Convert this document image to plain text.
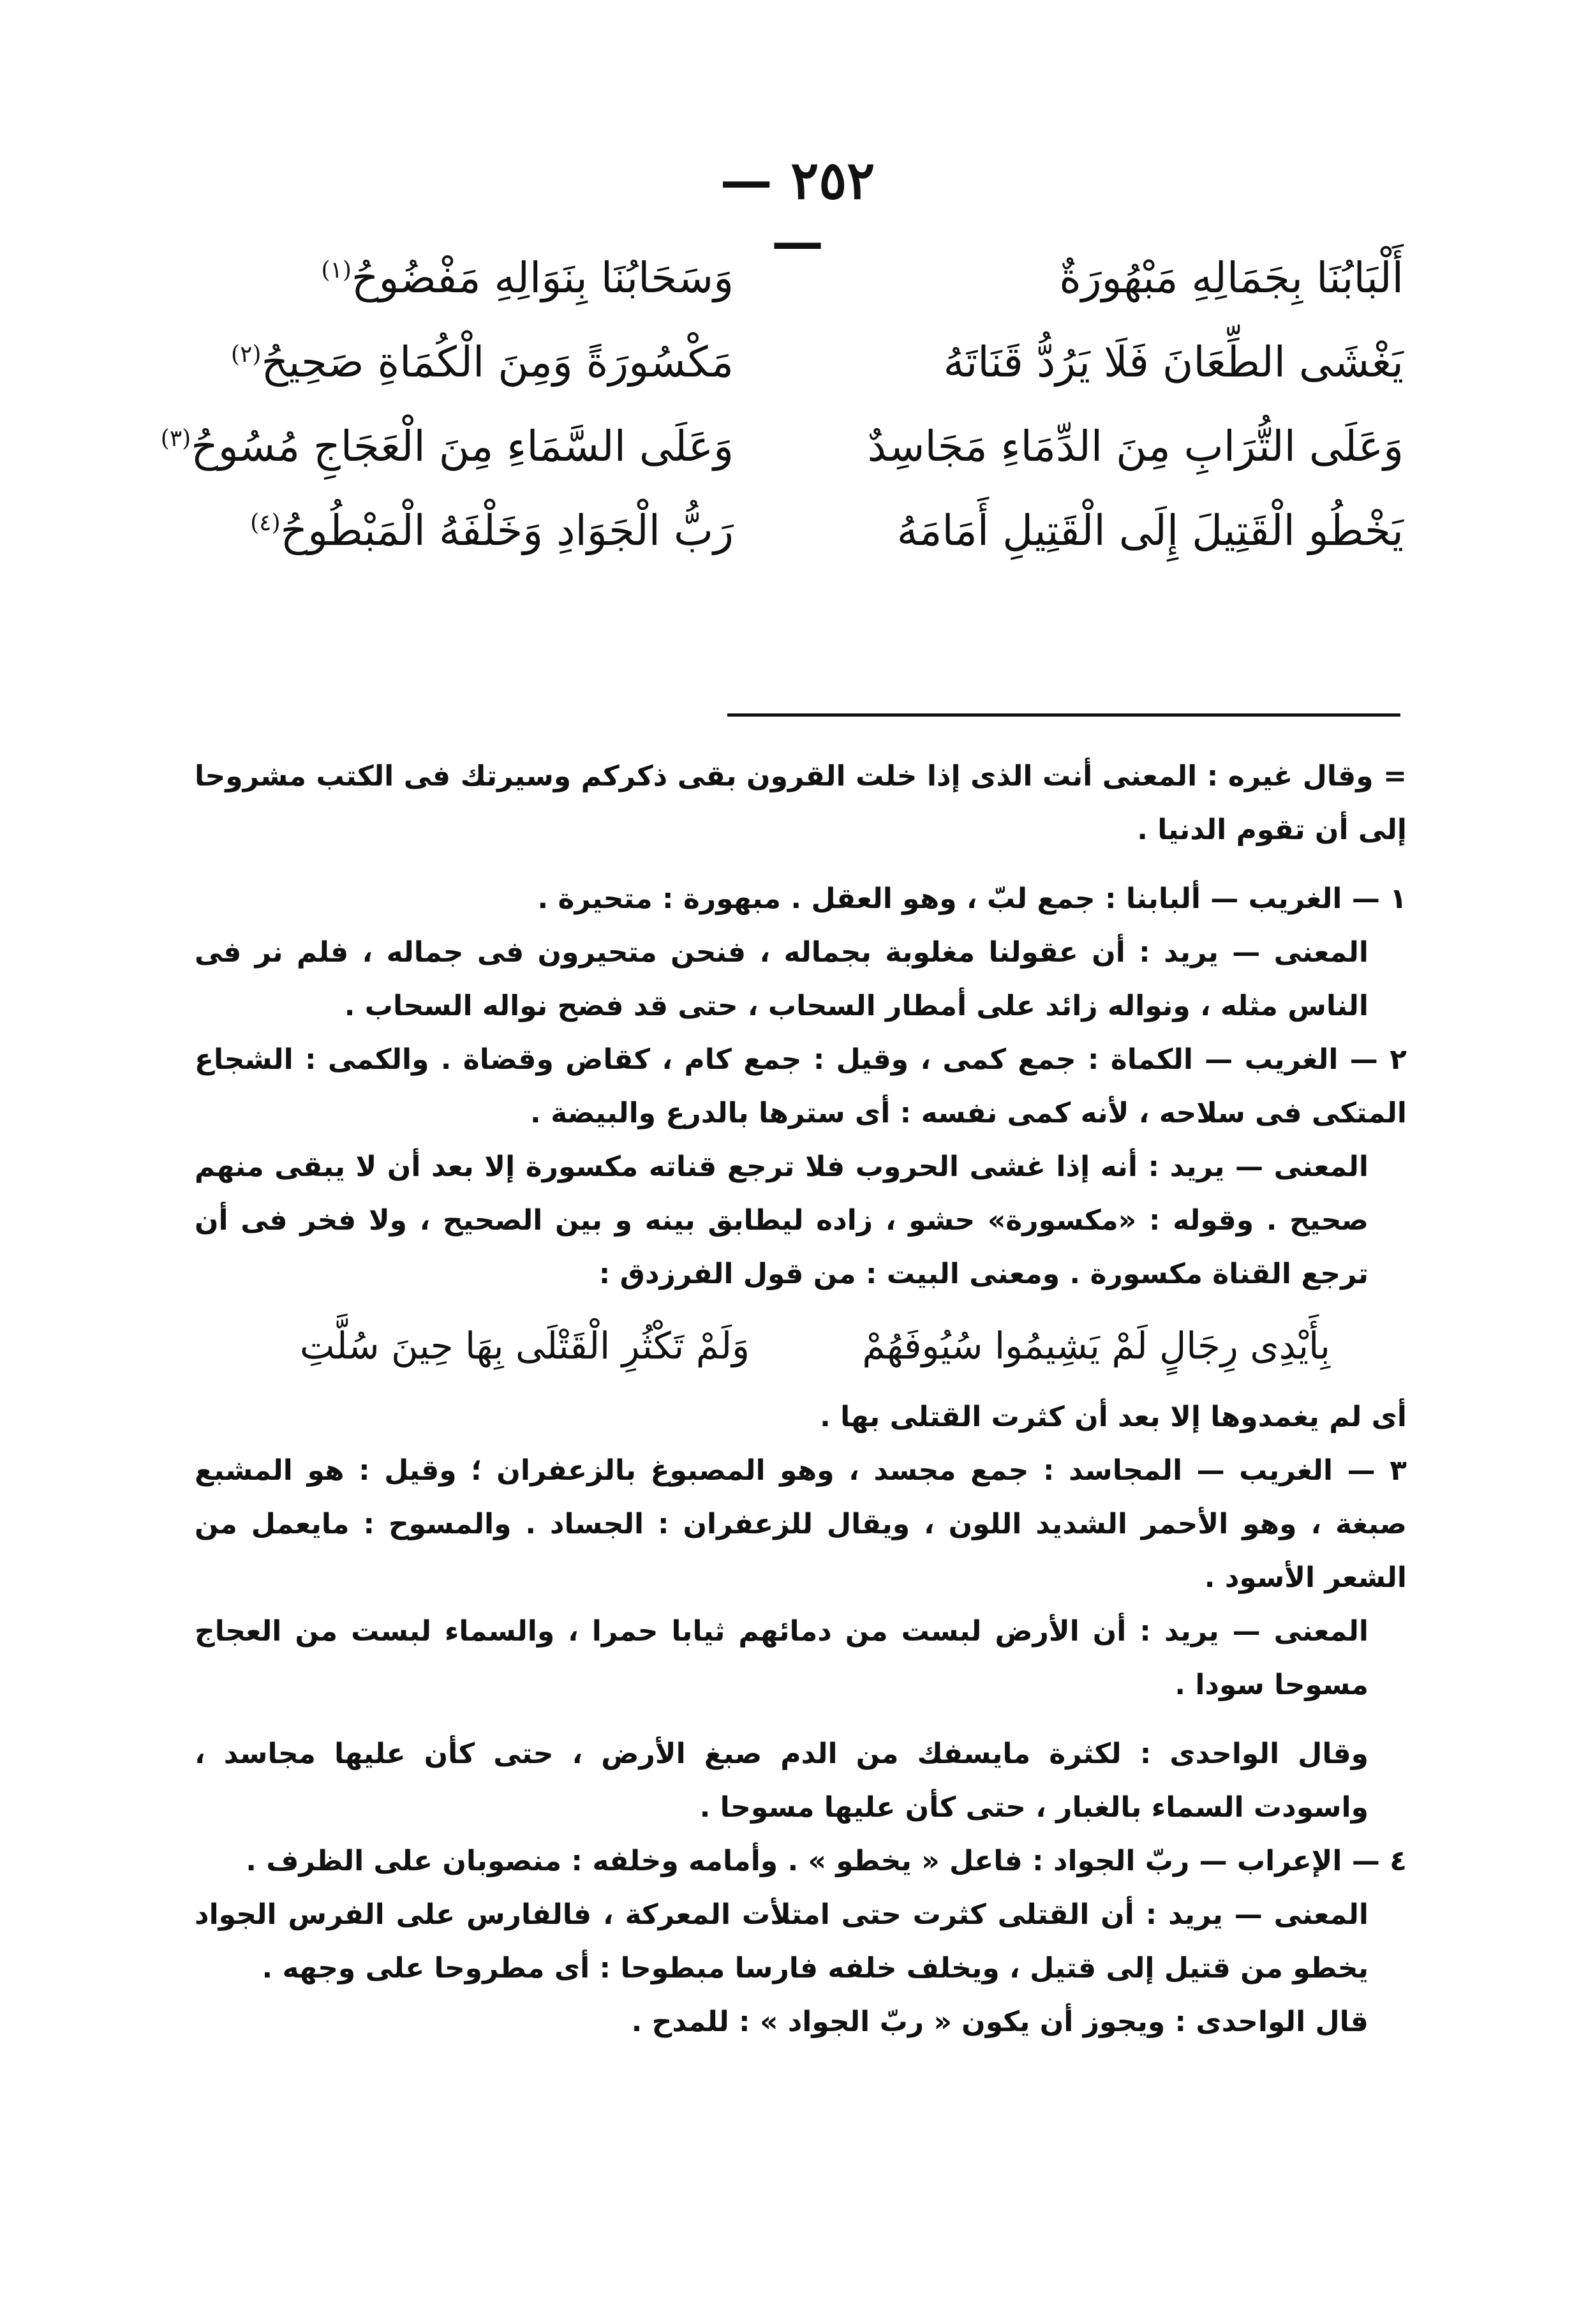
— ٢٥٢ —
أَلْبَابُنَا بِجَمَالِهِ مَبْهُورَةٌ
وَسَحَابُنَا بِنَوَالِهِ مَفْضُوحُ$^{(١)}$
يَغْشَى الطِّعَانَ فَلَا يَرُدُّ قَنَاتَهُ
مَكْسُورَةً وَمِنَ الْكُمَاةِ صَحِيحُ$^{(٢)}$
وَعَلَى التُّرَابِ مِنَ الدِّمَاءِ مَجَاسِدٌ
وَعَلَى السَّمَاءِ مِنَ الْعَجَاجِ مُسُوحُ$^{(٣)}$
يَخْطُو الْقَتِيلَ إِلَى الْقَتِيلِ أَمَامَهُ
رَبُّ الْجَوَادِ وَخَلْفَهُ الْمَبْطُوحُ$^{(٤)}$

= وقال غيره : المعنى أنت الذى إذا خلت القرون بقى ذكركم وسيرتك فى الكتب مشروحا إلى أن تقوم الدنيا .

١ — الغريب — ألبابنا : جمع لبّ ، وهو العقل . مبهورة : متحيرة .

المعنى — يريد : أن عقولنا مغلوبة بجماله ، فنحن متحيرون فى جماله ، فلم نر فى الناس مثله ، ونواله زائد على أمطار السحاب ، حتى قد فضح نواله السحاب .

٢ — الغريب — الكماة : جمع كمى ، وقيل : جمع كام ، كقاض وقضاة . والكمى : الشجاع المتكى فى سلاحه ، لأنه كمى نفسه : أى سترها بالدرع والبيضة .

المعنى — يريد : أنه إذا غشى الحروب فلا ترجع قناته مكسورة إلا بعد أن لا يبقى منهم صحيح . وقوله : «مكسورة» حشو ، زاده ليطابق بينه و بين الصحيح ، ولا فخر فى أن ترجع القناة مكسورة . ومعنى البيت : من قول الفرزدق :

بِأَيْدِى رِجَالٍ لَمْ يَشِيمُوا سُيُوفَهُمْ
وَلَمْ تَكْثُرِ الْقَتْلَى بِهَا حِينَ سُلَّتِ

أى لم يغمدوها إلا بعد أن كثرت القتلى بها .

٣ — الغريب — المجاسد : جمع مجسد ، وهو المصبوغ بالزعفران ؛ وقيل : هو المشبع صبغة ، وهو الأحمر الشديد اللون ، ويقال للزعفران : الجساد . والمسوح : مايعمل من الشعر الأسود .

المعنى — يريد : أن الأرض لبست من دمائهم ثيابا حمرا ، والسماء لبست من العجاج مسوحا سودا .

وقال الواحدى : لكثرة مايسفك من الدم صبغ الأرض ، حتى كأن عليها مجاسد ، واسودت السماء بالغبار ، حتى كأن عليها مسوحا .

٤ — الإعراب — ربّ الجواد : فاعل « يخطو » . وأمامه وخلفه : منصوبان على الظرف .

المعنى — يريد : أن القتلى كثرت حتى امتلأت المعركة ، فالفارس على الفرس الجواد يخطو من قتيل إلى قتيل ، ويخلف خلفه فارسا مبطوحا : أى مطروحا على وجهه .

قال الواحدى : ويجوز أن يكون « ربّ الجواد » : للمدح .
